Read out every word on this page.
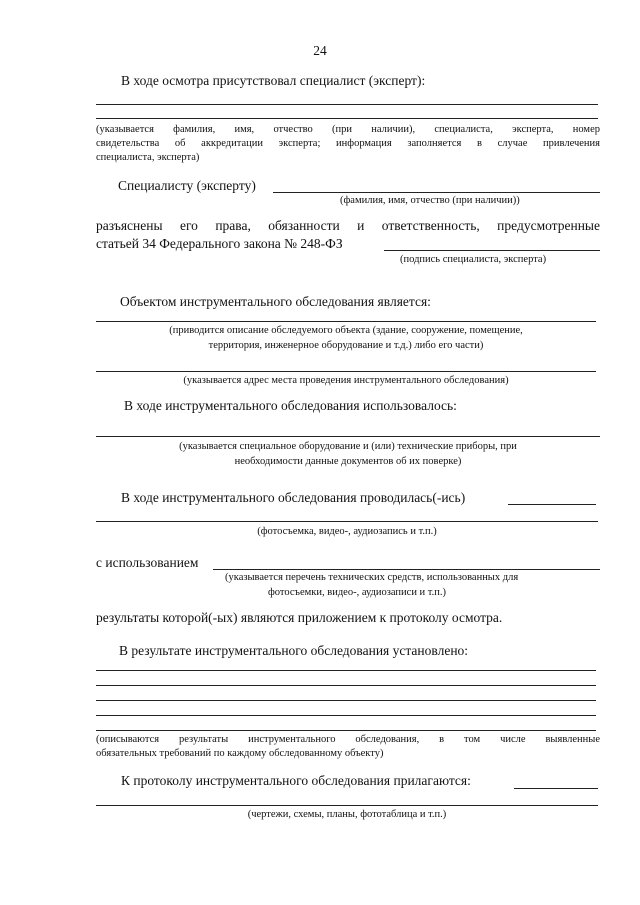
24
В ходе осмотра присутствовал специалист (эксперт):
(указывается фамилия, имя, отчество (при наличии), специалиста, эксперта, номер
свидетельства об аккредитации эксперта; информация заполняется в случае привлечения
специалиста, эксперта)
Специалисту (эксперту)
(фамилия, имя, отчество (при наличии))
разъяснены его права, обязанности и ответственность, предусмотренные
статьей 34 Федерального закона № 248-ФЗ
(подпись специалиста, эксперта)
Объектом инструментального обследования является:
(приводится описание обследуемого объекта (здание, сооружение, помещение,
территория, инженерное оборудование и т.д.) либо его части)
(указывается адрес места проведения инструментального обследования)
В ходе инструментального обследования использовалось:
(указывается специальное оборудование и (или) технические приборы, при
необходимости данные документов об их поверке)
В ходе инструментального обследования проводилась(-ись)
(фотосъемка, видео-, аудиозапись и т.п.)
с использованием
(указывается перечень технических средств, использованных для
фотосъемки, видео-, аудиозаписи и т.п.)
результаты которой(-ых) являются приложением к протоколу осмотра.
В результате инструментального обследования установлено:
(описываются результаты инструментального обследования, в том числе выявленные
обязательных требований по каждому обследованному объекту)
К протоколу инструментального обследования прилагаются:
(чертежи, схемы, планы, фототаблица и т.п.)
